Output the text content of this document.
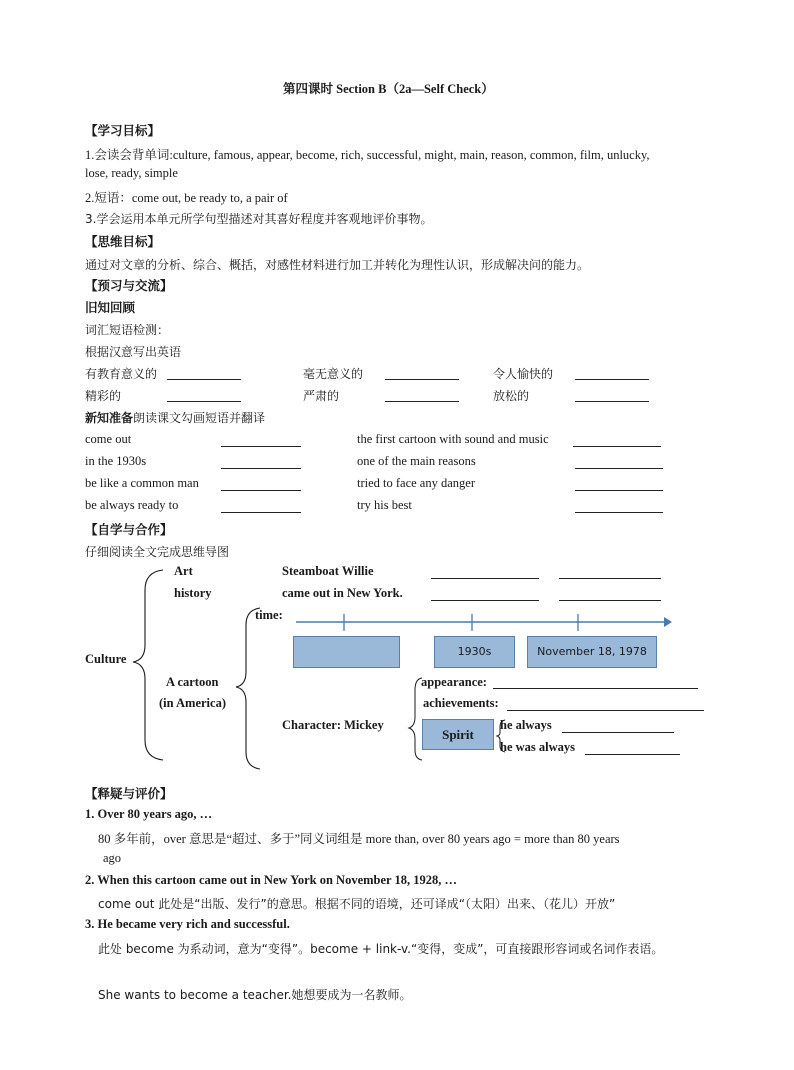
第四课时 Section B（2a—Self Check）
【学习目标】
1.会读会背单词:culture, famous, appear, become, rich, successful, might, main, reason, common, film, unlucky,
lose, ready, simple
2.短语：come out, be ready to, a pair of
3.学会运用本单元所学句型描述对其喜好程度并客观地评价事物。
【思维目标】
通过对文章的分析、综合、概括，对感性材料进行加工并转化为理性认识，形成解决问的能力。
【预习与交流】
旧知回顾
词汇短语检测：
根据汉意写出英语
有教育意义的	毫无意义的	令人愉快的
精彩的	严肃的	放松的
新知准备朗读课文勾画短语并翻译
come out	the first cartoon with sound and music
in the 1930s	one of the main reasons
be like a common man	tried to face any danger
be always ready to	try his best
【自学与合作】
仔细阅读全文完成思维导图
Culture
Art
history
Steamboat Willie
came out in New York.
A cartoon
(in America)
time:
1930s	November 18, 1978
Character: Mickey
appearance:
achievements:
Spirit
he always
he was always
【释疑与评价】
1. Over 80 years ago, …
80 多年前，over 意思是“超过、多于”同义词组是 more than, over 80 years ago = more than 80 years
ago
2. When this cartoon came out in New York on November 18, 1928, …
come out 此处是“出版、发行”的意思。根据不同的语境，还可译成“（太阳）出来、（花儿）开放”
3. He became very rich and successful.
此处 become 为系动词，意为“变得”。become + link-v.“变得，变成”，可直接跟形容词或名词作表语。
She wants to become a teacher.她想要成为一名教师。
